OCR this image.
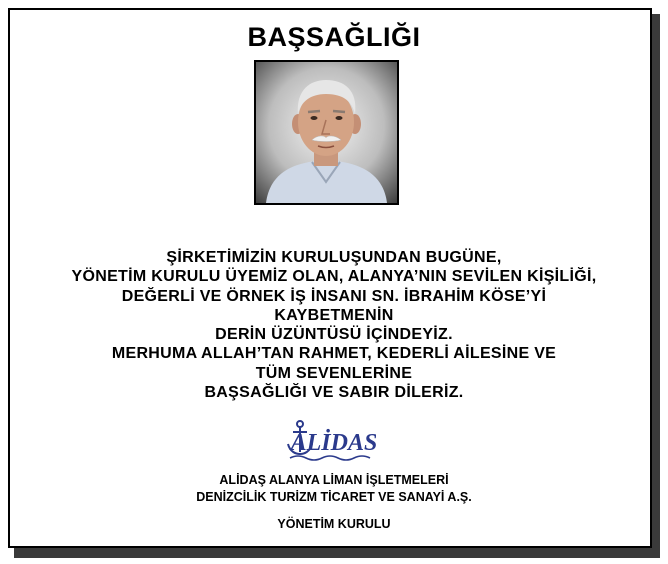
BAŞSAĞLIĞI
ŞİRKETİMİZİN KURULUŞUNDAN BUGÜNE,
YÖNETİM KURULU ÜYEMİZ OLAN, ALANYA’NIN SEVİLEN KİŞİLİĞİ,
DEĞERLİ VE ÖRNEK İŞ İNSANI SN. İBRAHİM KÖSE’Yİ
KAYBETMENİN
DERİN ÜZÜNTÜSÜ İÇİNDEYİZ.
MERHUMA ALLAH’TAN RAHMET, KEDERLİ AİLESİNE VE
TÜM SEVENLERİNE
BAŞSAĞLIĞI VE SABIR DİLERİZ.
ALİDAS
ALİDAŞ ALANYA LİMAN İŞLETMELERİ
DENİZCİLİK TURİZM TİCARET VE SANAYİ A.Ş.
YÖNETİM KURULU
